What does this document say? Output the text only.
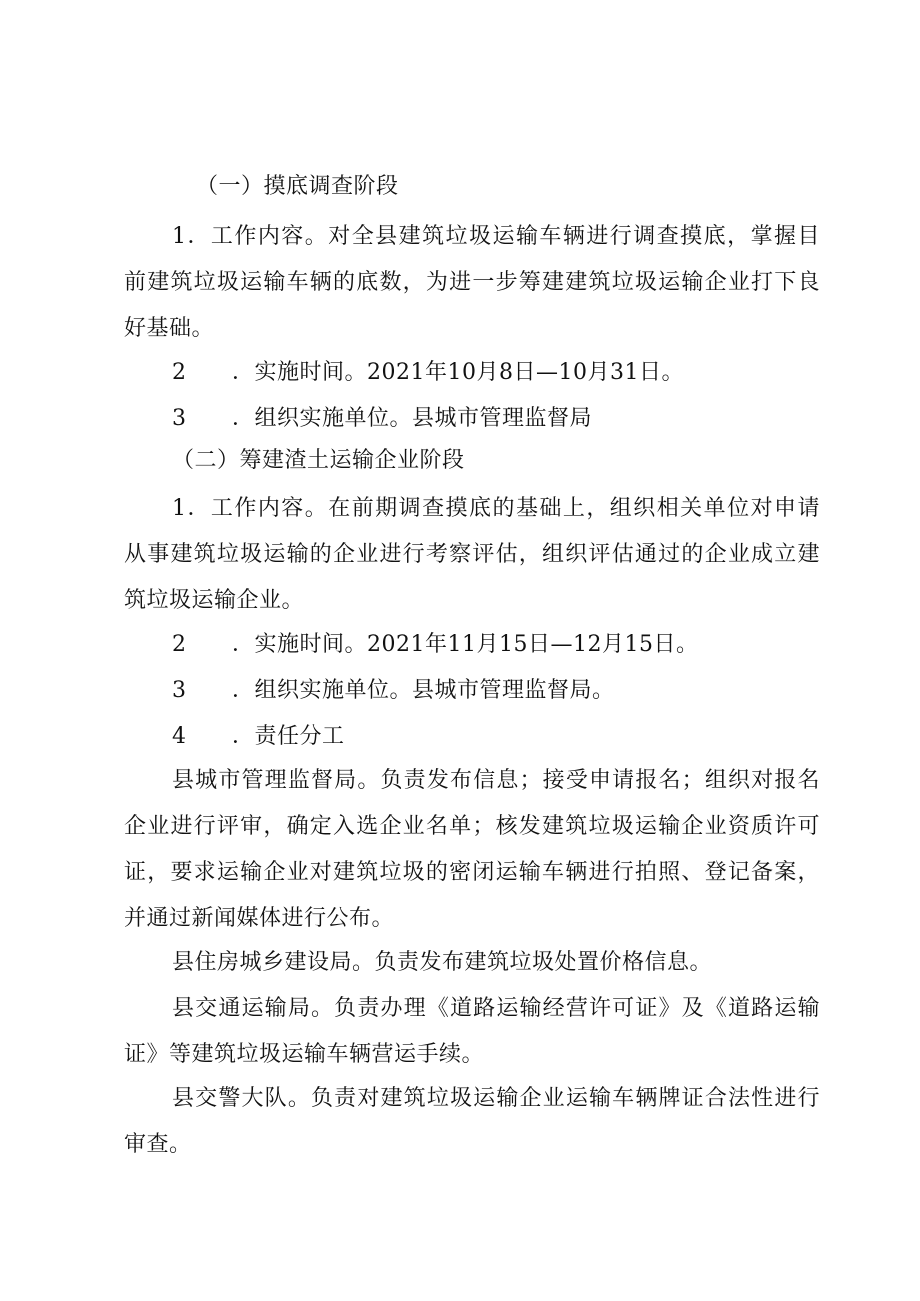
（一）摸底调查阶段
1．工作内容。对全县建筑垃圾运输车辆进行调查摸底，掌握目
前建筑垃圾运输车辆的底数，为进一步筹建建筑垃圾运输企业打下良
好基础。
2 ．实施时间。2021年10月8日—10月31日。
3 ．组织实施单位。县城市管理监督局
（二）筹建渣土运输企业阶段
1．工作内容。在前期调查摸底的基础上，组织相关单位对申请
从事建筑垃圾运输的企业进行考察评估，组织评估通过的企业成立建
筑垃圾运输企业。
2 ．实施时间。2021年11月15日—12月15日。
3 ．组织实施单位。县城市管理监督局。
4 ．责任分工
县城市管理监督局。负责发布信息；接受申请报名；组织对报名
企业进行评审，确定入选企业名单；核发建筑垃圾运输企业资质许可
证，要求运输企业对建筑垃圾的密闭运输车辆进行拍照、登记备案，
并通过新闻媒体进行公布。
县住房城乡建设局。负责发布建筑垃圾处置价格信息。
县交通运输局。负责办理《道路运输经营许可证》及《道路运输
证》等建筑垃圾运输车辆营运手续。
县交警大队。负责对建筑垃圾运输企业运输车辆牌证合法性进行
审查。
